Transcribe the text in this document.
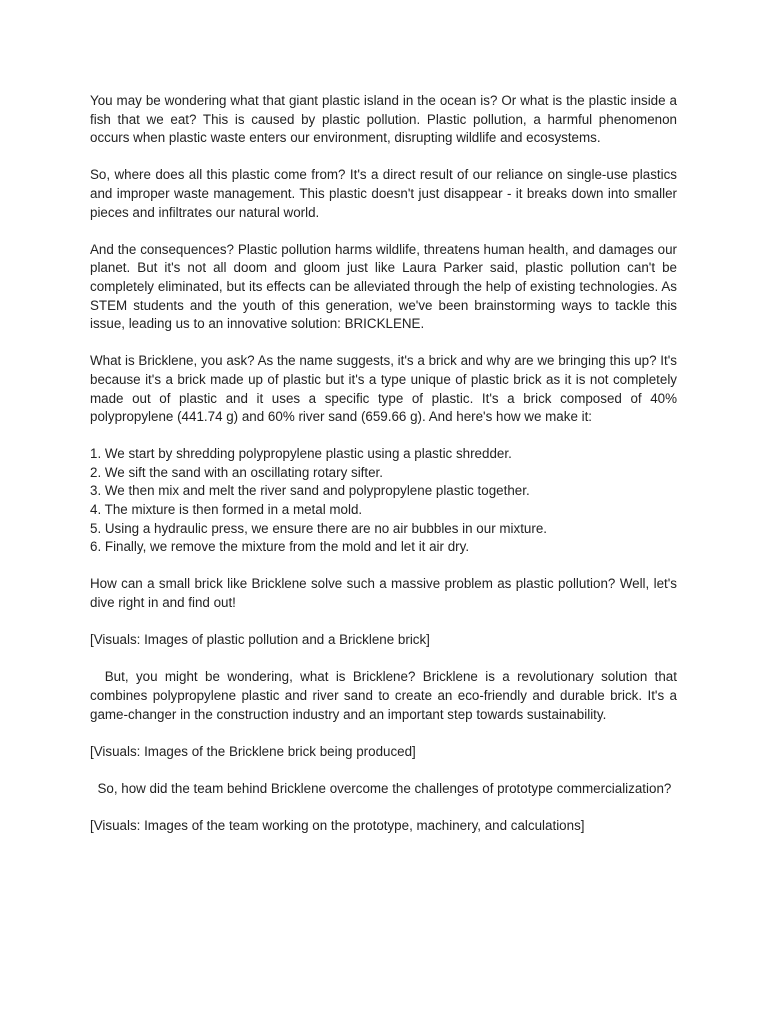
You may be wondering what that giant plastic island in the ocean is? Or what is the plastic inside a fish that we eat? This is caused by plastic pollution. Plastic pollution, a harmful phenomenon occurs when plastic waste enters our environment, disrupting wildlife and ecosystems.

So, where does all this plastic come from? It's a direct result of our reliance on single-use plastics and improper waste management. This plastic doesn't just disappear - it breaks down into smaller pieces and infiltrates our natural world.

And the consequences? Plastic pollution harms wildlife, threatens human health, and damages our planet. But it's not all doom and gloom just like Laura Parker said, plastic pollution can't be completely eliminated, but its effects can be alleviated through the help of existing technologies. As STEM students and the youth of this generation, we've been brainstorming ways to tackle this issue, leading us to an innovative solution: BRICKLENE.

What is Bricklene, you ask? As the name suggests, it's a brick and why are we bringing this up? It's because it's a brick made up of plastic but it's a type unique of plastic brick as it is not completely made out of plastic and it uses a specific type of plastic. It's a brick composed of 40% polypropylene (441.74 g) and 60% river sand (659.66 g). And here's how we make it:

1. We start by shredding polypropylene plastic using a plastic shredder.
2. We sift the sand with an oscillating rotary sifter.
3. We then mix and melt the river sand and polypropylene plastic together.
4. The mixture is then formed in a metal mold.
5. Using a hydraulic press, we ensure there are no air bubbles in our mixture.
6. Finally, we remove the mixture from the mold and let it air dry.

How can a small brick like Bricklene solve such a massive problem as plastic pollution? Well, let's dive right in and find out!

[Visuals: Images of plastic pollution and a Bricklene brick]

But, you might be wondering, what is Bricklene? Bricklene is a revolutionary solution that combines polypropylene plastic and river sand to create an eco-friendly and durable brick. It's a game-changer in the construction industry and an important step towards sustainability.

[Visuals: Images of the Bricklene brick being produced]

So, how did the team behind Bricklene overcome the challenges of prototype commercialization?

[Visuals: Images of the team working on the prototype, machinery, and calculations]
